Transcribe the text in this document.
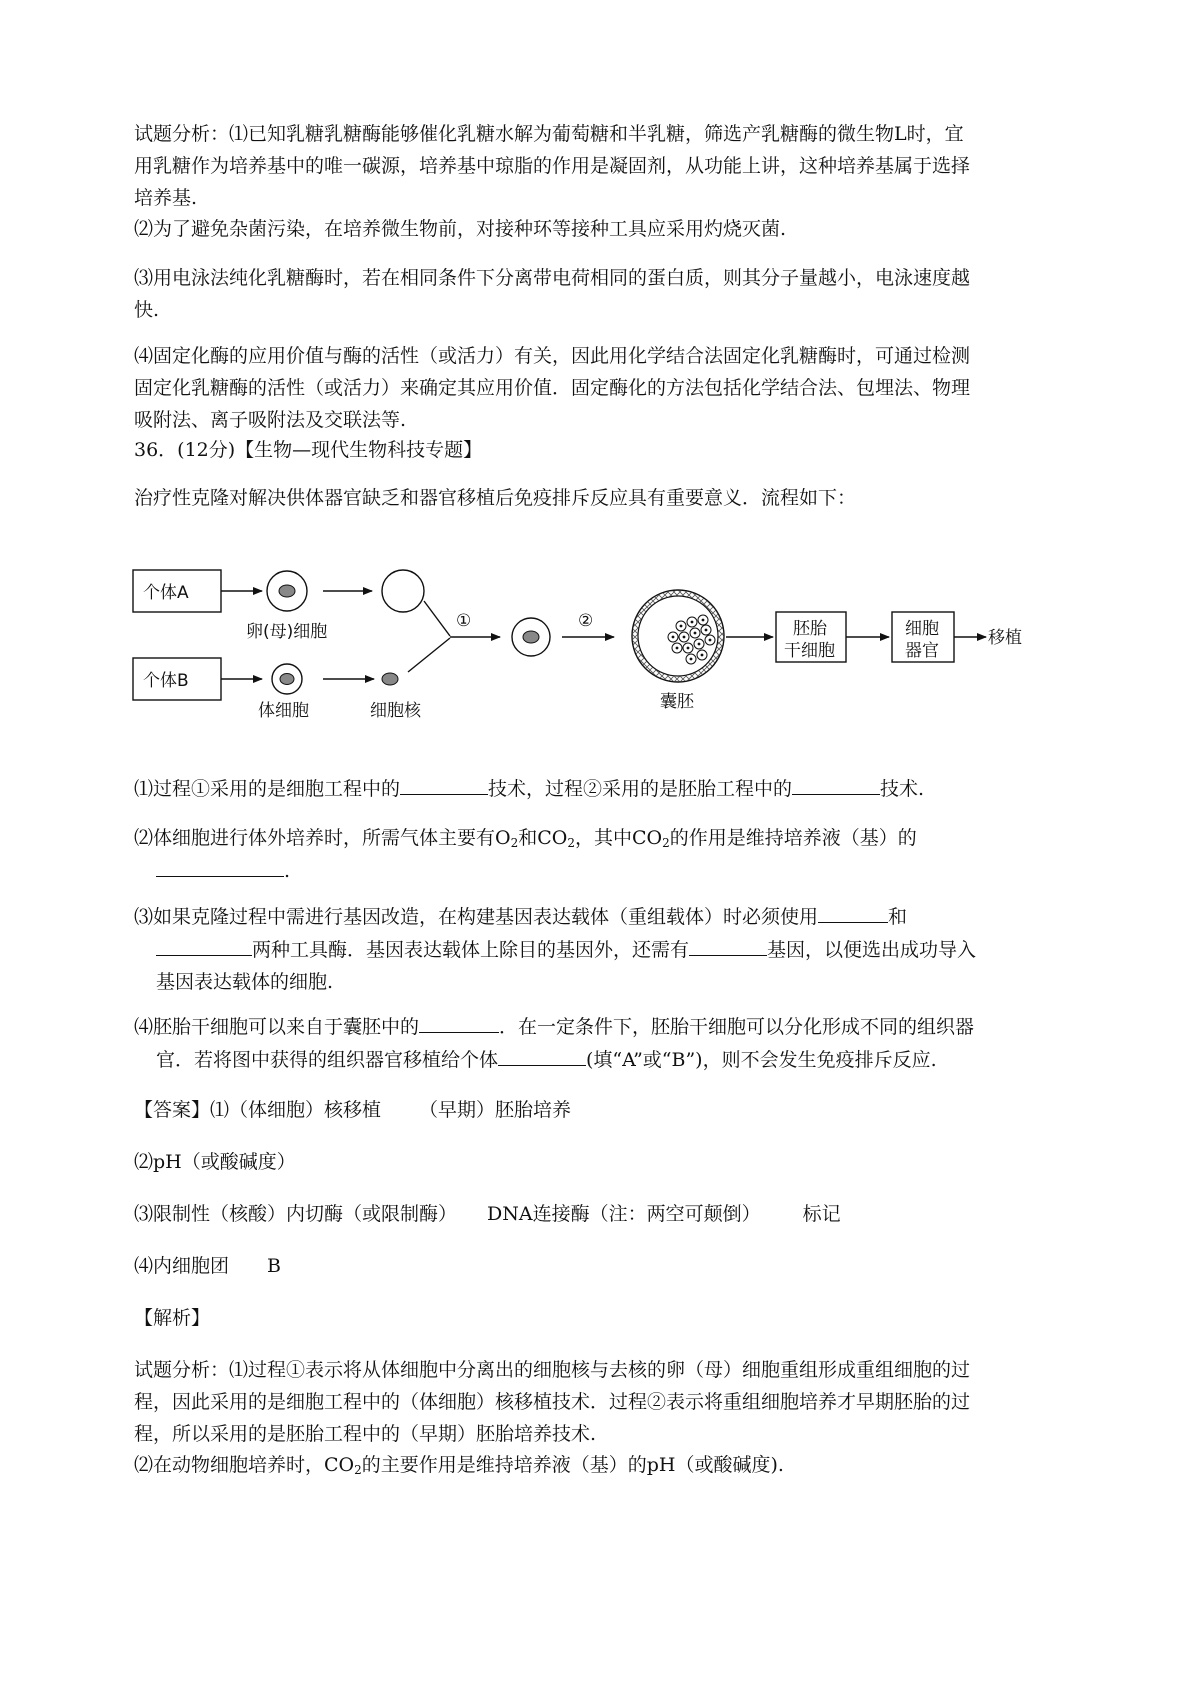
试题分析：⑴已知乳糖乳糖酶能够催化乳糖水解为葡萄糖和半乳糖，筛选产乳糖酶的微生物L时，宜
用乳糖作为培养基中的唯一碳源，培养基中琼脂的作用是凝固剂，从功能上讲，这种培养基属于选择
培养基.
⑵为了避免杂菌污染，在培养微生物前，对接种环等接种工具应采用灼烧灭菌.
⑶用电泳法纯化乳糖酶时，若在相同条件下分离带电荷相同的蛋白质，则其分子量越小，电泳速度越
快.
⑷固定化酶的应用价值与酶的活性（或活力）有关，因此用化学结合法固定化乳糖酶时，可通过检测
固定化乳糖酶的活性（或活力）来确定其应用价值．固定酶化的方法包括化学结合法、包埋法、物理
吸附法、离子吸附法及交联法等.
36．(12分)【生物—现代生物科技专题】
治疗性克隆对解决供体器官缺乏和器官移植后免疫排斥反应具有重要意义．流程如下：
个体A
卵(母)细胞
个体B
体细胞	细胞核
①	②
囊胚
胚胎
干细胞
细胞
器官
移植
⑴过程①采用的是细胞工程中的	技术，过程②采用的是胚胎工程中的	技术.
⑵体细胞进行体外培养时，所需气体主要有$O_2$和$CO_2$，其中$CO_2$的作用是维持培养液（基）的
.
⑶如果克隆过程中需进行基因改造，在构建基因表达载体（重组载体）时必须使用	和
两种工具酶．基因表达载体上除目的基因外，还需有	基因，以便选出成功导入
基因表达载体的细胞.
⑷胚胎干细胞可以来自于囊胚中的	．在一定条件下，胚胎干细胞可以分化形成不同的组织器
官．若将图中获得的组织器官移植给个体	(填“A”或“B”)，则不会发生免疫排斥反应.
【答案】⑴（体细胞）核移植 （早期）胚胎培养
⑵pH（或酸碱度）
⑶限制性（核酸）内切酶（或限制酶） DNA连接酶（注：两空可颠倒） 标记
⑷内细胞团 B
【解析】
试题分析：⑴过程①表示将从体细胞中分离出的细胞核与去核的卵（母）细胞重组形成重组细胞的过
程，因此采用的是细胞工程中的（体细胞）核移植技术．过程②表示将重组细胞培养才早期胚胎的过
程，所以采用的是胚胎工程中的（早期）胚胎培养技术.
⑵在动物细胞培养时，$CO_2$的主要作用是维持培养液（基）的pH（或酸碱度).
